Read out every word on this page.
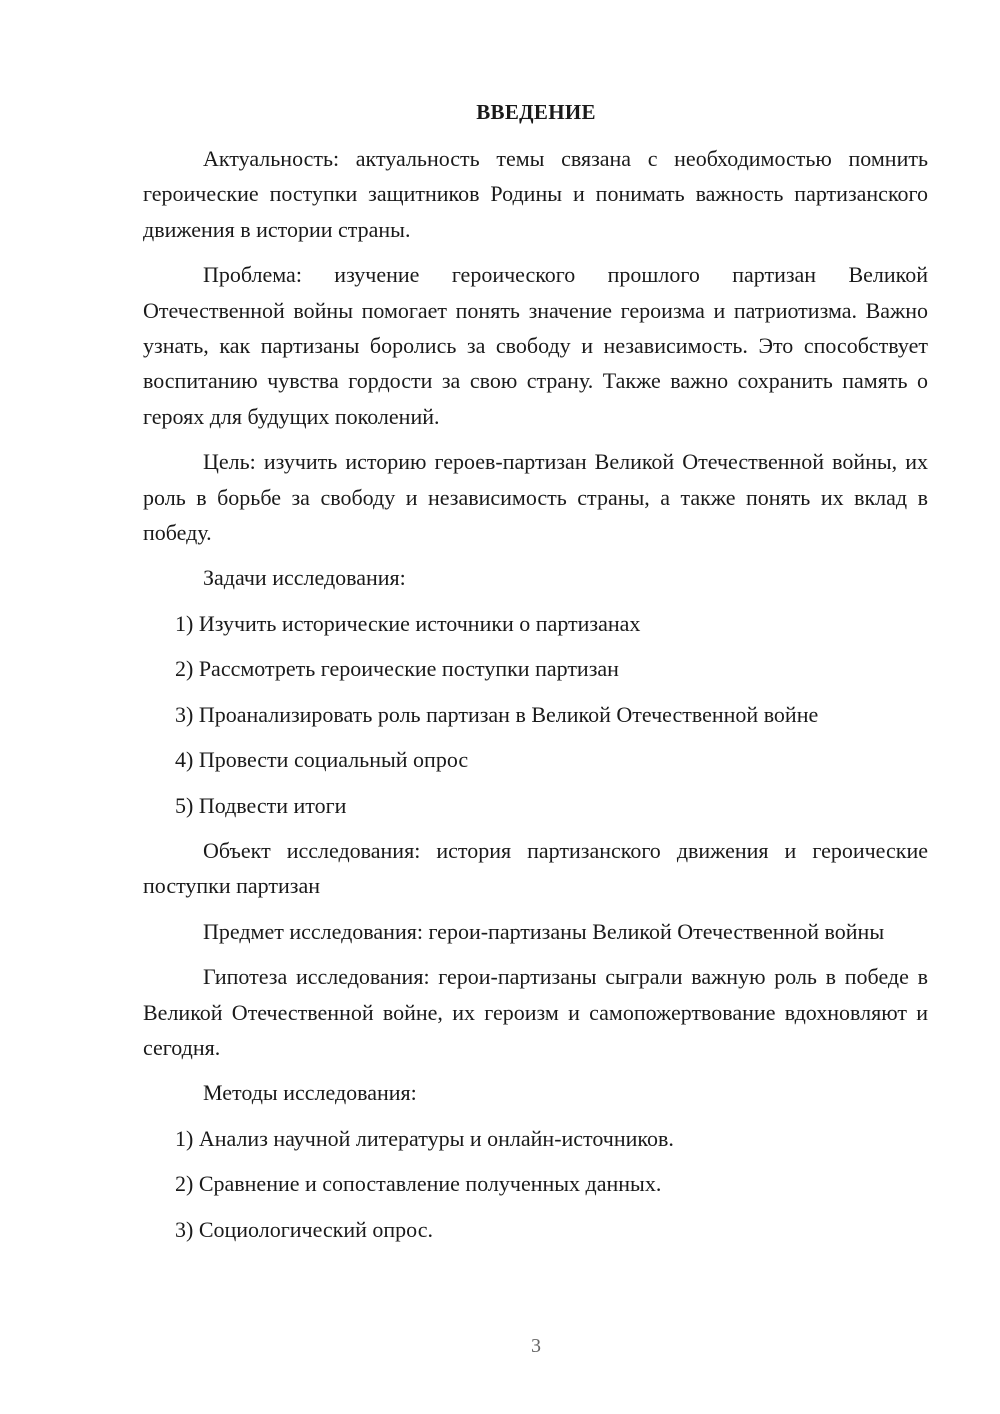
ВВЕДЕНИЕ

Актуальность: актуальность темы связана с необходимостью помнить героические поступки защитников Родины и понимать важность партизанского движения в истории страны.

Проблема: изучение героического прошлого партизан Великой Отечественной войны помогает понять значение героизма и патриотизма. Важно узнать, как партизаны боролись за свободу и независимость. Это способствует воспитанию чувства гордости за свою страну. Также важно сохранить память о героях для будущих поколений.

Цель: изучить историю героев-партизан Великой Отечественной войны, их роль в борьбе за свободу и независимость страны, а также понять их вклад в победу.

Задачи исследования:

1) Изучить исторические источники о партизанах

2) Рассмотреть героические поступки партизан

3) Проанализировать роль партизан в Великой Отечественной войне

4) Провести социальный опрос

5) Подвести итоги

Объект исследования: история партизанского движения и героические поступки партизан

Предмет исследования: герои-партизаны Великой Отечественной войны

Гипотеза исследования: герои-партизаны сыграли важную роль в победе в Великой Отечественной войне, их героизм и самопожертвование вдохновляют и сегодня.

Методы исследования:

1) Анализ научной литературы и онлайн-источников.

2) Сравнение и сопоставление полученных данных.

3) Социологический опрос.

3
